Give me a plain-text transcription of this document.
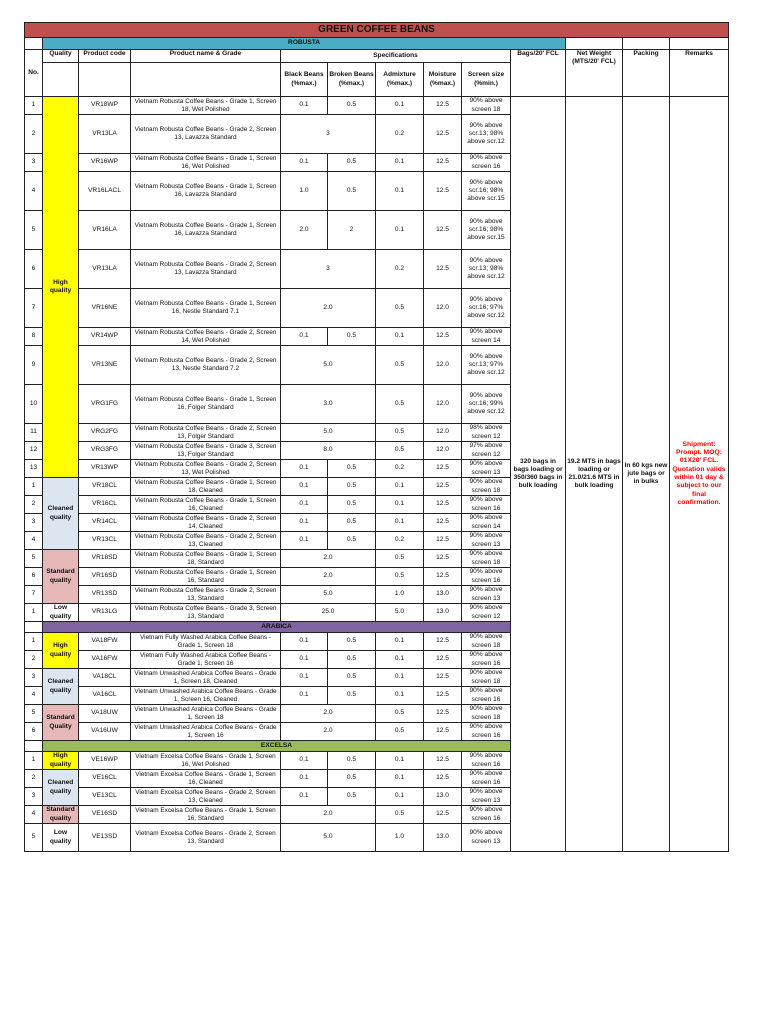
GREEN COFFEE BEANS												
	ROBUSTA											
No.	Quality	Product code	Product name & Grade	Specifications					Bags/20' FCL	Net Weight (MTS/20' FCL)	Packing	Remarks
				Black Beans (%max.)	Broken Beans (%max.)	Admixture (%max.)	Moisture (%max.)	Screen size (%min.)				
1	High quality	VR18WP	Vietnam Robusta Coffee Beans - Grade 1, Screen 18, Wet Polished	0.1	0.5	0.1	12.5	90% above screen 18	320 bags in bags loading or 350/360 bags in bulk loading	19.2 MTS in bags loading or 21.0/21.6 MTS in bulk loading	In 60 kgs new jute bags or in bulks	Shipment: Prompt. MOQ: 01X20' FCL. Quotation valids within 01 day & subject to our final confirmation.
2		VR13LA	Vietnam Robusta Coffee Beans - Grade 2, Screen 13, Lavazza Standard	3		0.2	12.5	90% above scr.13; 98% above scr.12				
3		VR16WP	Vietnam Robusta Coffee Beans - Grade 1, Screen 16, Wet Polished	0.1	0.5	0.1	12.5	90% above screen 16				
4		VR16LACL	Vietnam Robusta Coffee Beans - Grade 1, Screen 16, Lavazza Standard	1.0	0.5	0.1	12.5	90% above scr.16; 98% above scr.15				
5		VR16LA	Vietnam Robusta Coffee Beans - Grade 1, Screen 16, Lavazza Standard	2.0	2	0.1	12.5	90% above scr.16; 98% above scr.15				
6		VR13LA	Vietnam Robusta Coffee Beans - Grade 2, Screen 13, Lavazza Standard	3		0.2	12.5	90% above scr.13; 98% above scr.12				
7		VR16NE	Vietnam Robusta Coffee Beans - Grade 1, Screen 16, Nestle Standard 7.1	2.0		0.5	12.0	90% above scr.16; 97% above scr.12				
8		VR14WP	Vietnam Robusta Coffee Beans - Grade 2, Screen 14, Wet Polished	0.1	0.5	0.1	12.5	90% above screen 14				
9		VR13NE	Vietnam Robusta Coffee Beans - Grade 2, Screen 13, Nestle Standard 7.2	5.0		0.5	12.0	90% above scr.13; 97% above scr.12				
10		VRG1FG	Vietnam Robusta Coffee Beans - Grade 1, Screen 16, Folger Standard	3.0		0.5	12.0	90% above scr.16; 99% above scr.12				
11		VRG2FG	Vietnam Robusta Coffee Beans - Grade 2, Screen 13, Folger Standard	5.0		0.5	12.0	98% above screen 12				
12		VRG3FG	Vietnam Robusta Coffee Beans - Grade 3, Screen 13, Folger Standard	8.0		0.5	12.0	97% above screen 12				
13		VR13WP	Vietnam Robusta Coffee Beans - Grade 2, Screen 13, Wet Polished	0.1	0.5	0.2	12.5	90% above screen 13				
1	Cleaned quality	VR18CL	Vietnam Robusta Coffee Beans - Grade 1, Screen 18, Cleaned	0.1	0.5	0.1	12.5	90% above screen 18				
2		VR16CL	Vietnam Robusta Coffee Beans - Grade 1, Screen 16, Cleaned	0.1	0.5	0.1	12.5	90% above screen 16				
3		VR14CL	Vietnam Robusta Coffee Beans - Grade 2, Screen 14, Cleaned	0.1	0.5	0.1	12.5	90% above screen 14				
4		VR13CL	Vietnam Robusta Coffee Beans - Grade 2, Screen 13, Cleaned	0.1	0.5	0.2	12.5	90% above screen 13				
5	Standard quality	VR18SD	Vietnam Robusta Coffee Beans - Grade 1, Screen 18, Standard	2.0		0.5	12.5	90% above screen 18				
6		VR16SD	Vietnam Robusta Coffee Beans - Grade 1, Screen 16, Standard	2.0		0.5	12.5	90% above screen 16				
7		VR13SD	Vietnam Robusta Coffee Beans - Grade 2, Screen 13, Standard	5.0		1.0	13.0	90% above screen 13				
1	Low quality	VR13LG	Vietnam Robusta Coffee Beans - Grade 3, Screen 13, Standard	25.0		5.0	13.0	90% above screen 12				
	ARABICA											
1	High quality	VA18FW	Vietnam Fully Washed Arabica Coffee Beans - Grade 1, Screen 18	0.1	0.5	0.1	12.5	90% above screen 18				
2		VA16FW	Vietnam Fully Washed Arabica Coffee Beans - Grade 1, Screen 16	0.1	0.5	0.1	12.5	90% above screen 16				
3	Cleaned quality	VA18CL	Vietnam Unwashed Arabica Coffee Beans - Grade 1, Screen 18, Cleaned	0.1	0.5	0.1	12.5	90% above screen 18				
4		VA16CL	Vietnam Unwashed Arabica Coffee Beans - Grade 1, Screen 16, Cleaned	0.1	0.5	0.1	12.5	90% above screen 16				
5	Standard Quality	VA18UW	Vietnam Unwashed Arabica Coffee Beans - Grade 1, Screen 18	2.0		0.5	12.5	90% above screen 18				
6		VA16UW	Vietnam Unwashed Arabica Coffee Beans - Grade 1, Screen 16	2.0		0.5	12.5	90% above screen 16				
	EXCELSA											
1	High quality	VE16WP	Vietnam Excelsa Coffee Beans - Grade 1, Screen 16, Wet Polished	0.1	0.5	0.1	12.5	90% above screen 16				
2	Cleaned quality	VE16CL	Vietnam Excelsa Coffee Beans - Grade 1, Screen 16, Cleaned	0.1	0.5	0.1	12.5	90% above screen 16				
3		VE13CL	Vietnam Excelsa Coffee Beans - Grade 2, Screen 13, Cleaned	0.1	0.5	0.1	13.0	90% above screen 13				
4	Standard quality	VE16SD	Vietnam Excelsa Coffee Beans - Grade 1, Screen 16, Standard	2.0		0.5	12.5	90% above screen 16				
5	Low quality	VE13SD	Vietnam Excelsa Coffee Beans - Grade 2, Screen 13, Standard	5.0		1.0	13.0	90% above screen 13				
